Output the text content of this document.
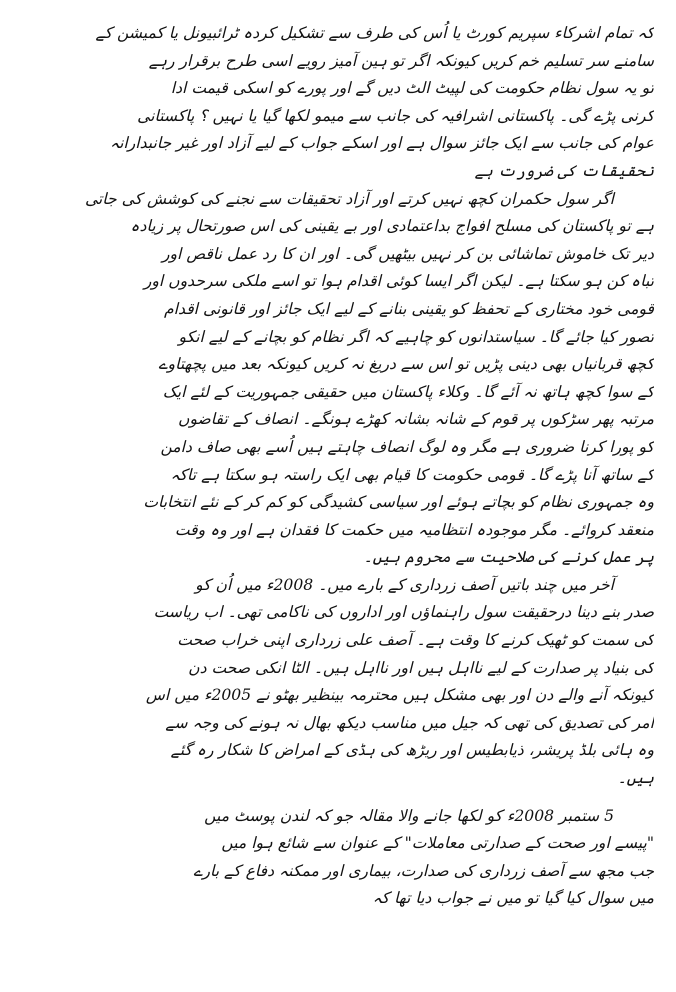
کہ تمام اشرکاء سپریم کورٹ یا اُس کی طرف سے تشکیل کردہ ٹرائبیونل یا کمیشن کے
سامنے سر تسلیم خم کریں کیونکہ اگر تو ہین آمیز رویے اسی طرح برقرار رہے
تو یہ سول نظام حکومت کی لپیٹ الٹ دیں گے اور پورے کو اسکی قیمت ادا
کرنی پڑے گی۔ پاکستانی اشرافیہ کی جانب سے میمو لکھا گیا یا نہیں ؟ پاکستانی
عوام کی جانب سے ایک جائز سوال ہے اور اسکے جواب کے لیے آزاد اور غیر جانبدارانہ
تحقیقات کی ضرورت ہے
اگر سول حکمران کچھ نہیں کرتے اور آزاد تحقیقات سے نجنے کی کوشش کی جاتی
ہے تو پاکستان کی مسلح افواج بداعتمادی اور بے یقینی کی اس صورتحال پر زیادہ
دیر تک خاموش تماشائی بن کر نہیں بیٹھیں گی۔ اور ان کا رد عمل ناقص اور
تباہ کن ہو سکتا ہے۔ لیکن اگر ایسا کوئی اقدام ہوا تو اسے ملکی سرحدوں اور
قومی خود مختاری کے تحفظ کو یقینی بنانے کے لیے ایک جائز اور قانونی اقدام
تصور کیا جائے گا۔ سیاستدانوں کو چاہیے کہ اگر نظام کو بچانے کے لیے انکو
کچھ قربانیاں بھی دینی پڑیں تو اس سے دریغ نہ کریں کیونکہ بعد میں پچھتاوے
کے سوا کچھ ہاتھ نہ آئے گا۔ وکلاء پاکستان میں حقیقی جمہوریت کے لئے ایک
مرتبہ پھر سڑکوں پر قوم کے شانہ بشانہ کھڑے ہونگے۔ انصاف کے تقاضوں
کو پورا کرنا ضروری ہے مگر وہ لوگ انصاف چاہتے ہیں اُسے بھی صاف دامن
کے ساتھ آنا پڑے گا۔ قومی حکومت کا قیام بھی ایک راستہ ہو سکتا ہے تاکہ
وہ جمہوری نظام کو بچاتے ہوئے اور سیاسی کشیدگی کو کم کر کے نئے انتخابات
منعقد کروائے۔ مگر موجودہ انتظامیہ میں حکمت کا فقدان ہے اور وہ وقت
پر عمل کرنے کی صلاحیت سے محروم ہیں۔
آخر میں چند باتیں آصف زرداری کے بارے میں۔ 2008ء میں اُن کو
صدر بنے دینا درحقیقت سول راہنماؤں اور اداروں کی ناکامی تھی۔ اب ریاست
کی سمت کو ٹھیک کرنے کا وقت ہے۔ آصف علی زرداری اپنی خراب صحت
کی بنیاد پر صدارت کے لیے نااہل ہیں اور نااہل ہیں۔ الٹا انکی صحت دن
کیونکہ آنے والے دن اور بھی مشکل ہیں محترمہ بینظیر بھٹو نے 2005ء میں اس
امر کی تصدیق کی تھی کہ جیل میں مناسب دیکھ بھال نہ ہونے کی وجہ سے
وہ ہائی بلڈ پریشر، ذیابطیس اور ریڑھ کی ہڈی کے امراض کا شکار رہ گئے
ہیں۔
5 ستمبر 2008ء کو لکھا جانے والا مقالہ جو کہ لندن پوسٹ میں
"پیسے اور صحت کے صدارتی معاملات" کے عنوان سے شائع ہوا میں
جب مجھ سے آصف زرداری کی صدارت، بیماری اور ممکنہ دفاع کے بارے
میں سوال کیا گیا تو میں نے جواب دیا تھا کہ
